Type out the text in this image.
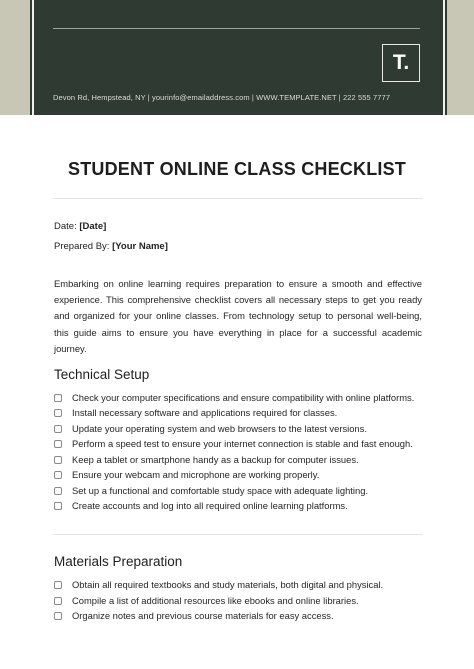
T.
Devon Rd, Hempstead, NY | yourinfo@emailaddress.com | WWW.TEMPLATE.NET | 222 555 7777
STUDENT ONLINE CLASS CHECKLIST
Date: [Date]
Prepared By: [Your Name]

Embarking on online learning requires preparation to ensure a smooth and effective experience. This comprehensive checklist covers all necessary steps to get you ready and organized for your online classes. From technology setup to personal well-being, this guide aims to ensure you have everything in place for a successful academic journey.

Technical Setup
Check your computer specifications and ensure compatibility with online platforms.
Install necessary software and applications required for classes.
Update your operating system and web browsers to the latest versions.
Perform a speed test to ensure your internet connection is stable and fast enough.
Keep a tablet or smartphone handy as a backup for computer issues.
Ensure your webcam and microphone are working properly.
Set up a functional and comfortable study space with adequate lighting.
Create accounts and log into all required online learning platforms.
Materials Preparation
Obtain all required textbooks and study materials, both digital and physical.
Compile a list of additional resources like ebooks and online libraries.
Organize notes and previous course materials for easy access.
